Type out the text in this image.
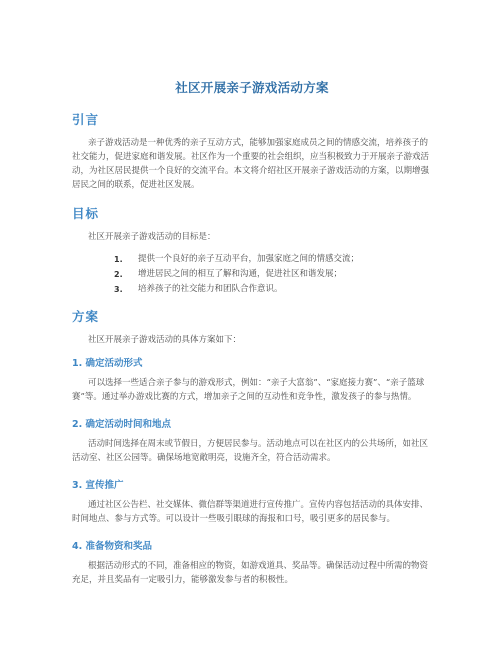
社区开展亲子游戏活动方案
引言

亲子游戏活动是一种优秀的亲子互动方式，能够加强家庭成员之间的情感交流，培养孩子的社交能力，促进家庭和谐发展。社区作为一个重要的社会组织，应当积极致力于开展亲子游戏活动，为社区居民提供一个良好的交流平台。本文将介绍社区开展亲子游戏活动的方案，以期增强居民之间的联系，促进社区发展。

目标

社区开展亲子游戏活动的目标是：

1.	提供一个良好的亲子互动平台，加强家庭之间的情感交流；
2.	增进居民之间的相互了解和沟通，促进社区和谐发展；
3.	培养孩子的社交能力和团队合作意识。
方案

社区开展亲子游戏活动的具体方案如下：

1. 确定活动形式

可以选择一些适合亲子参与的游戏形式，例如：“亲子大富翁”、“家庭接力赛”、“亲子篮球赛”等。通过举办游戏比赛的方式，增加亲子之间的互动性和竞争性，激发孩子的参与热情。

2. 确定活动时间和地点

活动时间选择在周末或节假日，方便居民参与。活动地点可以在社区内的公共场所，如社区活动室、社区公园等。确保场地宽敞明亮，设施齐全，符合活动需求。

3. 宣传推广

通过社区公告栏、社交媒体、微信群等渠道进行宣传推广。宣传内容包括活动的具体安排、时间地点、参与方式等。可以设计一些吸引眼球的海报和口号，吸引更多的居民参与。

4. 准备物资和奖品

根据活动形式的不同，准备相应的物资，如游戏道具、奖品等。确保活动过程中所需的物资充足，并且奖品有一定吸引力，能够激发参与者的积极性。
